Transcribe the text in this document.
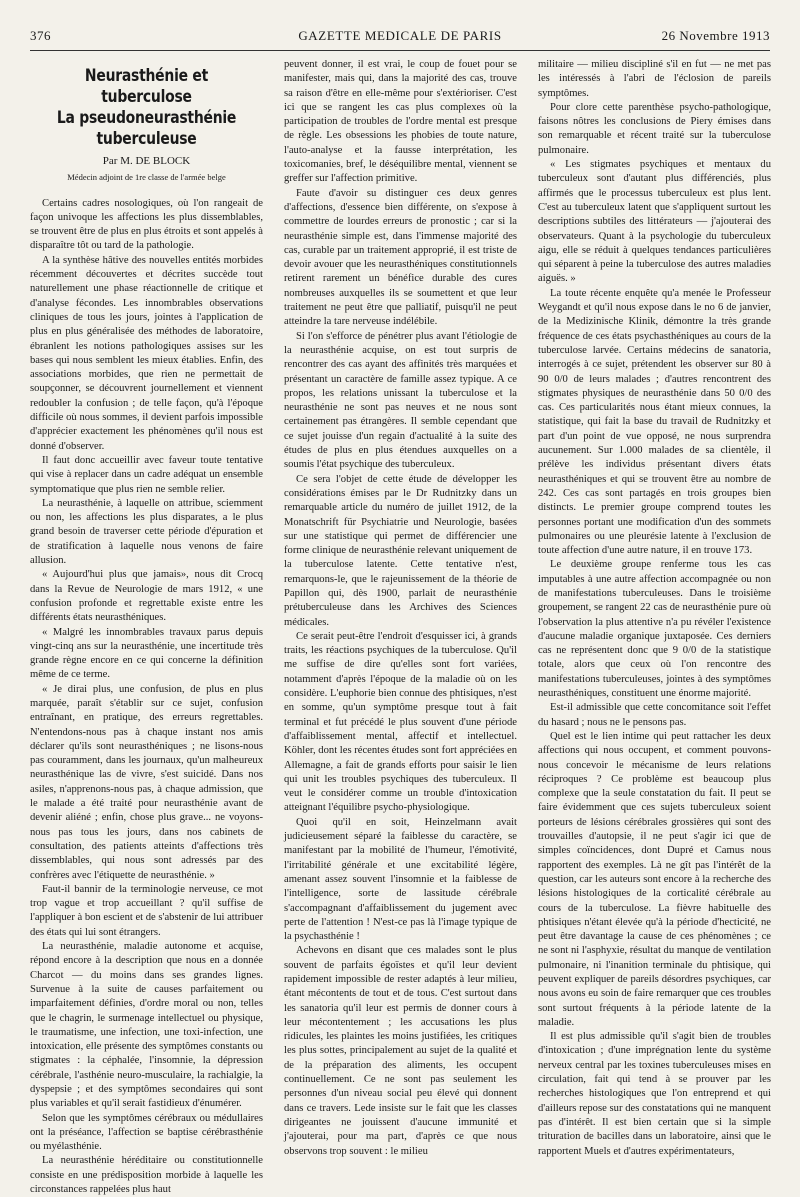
376	GAZETTE MEDICALE DE PARIS	26 Novembre 1913
Neurasthénie et tuberculose
La pseudoneurasthénie tuberculeuse
Par M. DE BLOCK
Médecin adjoint de 1re classe de l'armée belge

Certains cadres nosologiques, où l'on rangeait de façon univoque les affections les plus dissemblables, se trouvent être de plus en plus étroits et sont appelés à disparaître tôt ou tard de la pathologie.

A la synthèse hâtive des nouvelles entités morbides récemment découvertes et décrites succède tout naturellement une phase réactionnelle de critique et d'analyse fécondes. Les innombrables observations cliniques de tous les jours, jointes à l'application de plus en plus généralisée des méthodes de laboratoire, ébranlent les notions pathologiques assises sur les bases qui nous semblent les mieux établies. Enfin, des associations morbides, que rien ne permettait de soupçonner, se découvrent journellement et viennent redoubler la confusion ; de telle façon, qu'à l'époque difficile où nous sommes, il devient parfois impossible d'apprécier exactement les phénomènes qu'il nous est donné d'observer.

Il faut donc accueillir avec faveur toute tentative qui vise à replacer dans un cadre adéquat un ensemble symptomatique que plus rien ne semble relier.

La neurasthénie, à laquelle on attribue, sciemment ou non, les affections les plus disparates, a le plus grand besoin de traverser cette période d'épuration et de stratification à laquelle nous venons de faire allusion.

« Aujourd'hui plus que jamais», nous dit Crocq dans la Revue de Neurologie de mars 1912, « une confusion profonde et regrettable existe entre les différents états neurasthéniques.

« Malgré les innombrables travaux parus depuis vingt-cinq ans sur la neurasthénie, une incertitude très grande règne encore en ce qui concerne la définition même de ce terme.

« Je dirai plus, une confusion, de plus en plus marquée, paraît s'établir sur ce sujet, confusion entraînant, en pratique, des erreurs regrettables. N'entendons-nous pas à chaque instant nos amis déclarer qu'ils sont neurasthéniques ; ne lisons-nous pas couramment, dans les journaux, qu'un malheureux neurasthénique las de vivre, s'est suicidé. Dans nos asiles, n'apprenons-nous pas, à chaque admission, que le malade a été traité pour neurasthénie avant de devenir aliéné ; enfin, chose plus grave... ne voyons-nous pas tous les jours, dans nos cabinets de consultation, des patients atteints d'affections très dissemblables, qui nous sont adressés par des confrères avec l'étiquette de neurasthénie. »

Faut-il bannir de la terminologie nerveuse, ce mot trop vague et trop accueillant ? qu'il suffise de l'appliquer à bon escient et de s'abstenir de lui attribuer des états qui lui sont étrangers.

La neurasthénie, maladie autonome et acquise, répond encore à la description que nous en a donnée Charcot — du moins dans ses grandes lignes. Survenue à la suite de causes parfaitement ou imparfaitement définies, d'ordre moral ou non, telles que le chagrin, le surmenage intellectuel ou physique, le traumatisme, une infection, une toxi-infection, une intoxication, elle présente des symptômes constants ou stigmates : la céphalée, l'insomnie, la dépression cérébrale, l'asthénie neuro-musculaire, la rachialgie, la dyspepsie ; et des symptômes secondaires qui sont plus variables et qu'il serait fastidieux d'énumérer.

Selon que les symptômes cérébraux ou médullaires ont la préséance, l'affection se baptise cérébrasthénie ou myélasthénie.

La neurasthénie héréditaire ou constitutionnelle consiste en une prédisposition morbide à laquelle les circonstances rappelées plus haut

peuvent donner, il est vrai, le coup de fouet pour se manifester, mais qui, dans la majorité des cas, trouve sa raison d'être en elle-même pour s'extérioriser. C'est ici que se rangent les cas plus complexes où la participation de troubles de l'ordre mental est presque de règle. Les obsessions les phobies de toute nature, l'auto-analyse et la fausse interprétation, les toxicomanies, bref, le déséquilibre mental, viennent se greffer sur l'affection primitive.

Faute d'avoir su distinguer ces deux genres d'affections, d'essence bien différente, on s'expose à commettre de lourdes erreurs de pronostic ; car si la neurasthénie simple est, dans l'immense majorité des cas, curable par un traitement approprié, il est triste de devoir avouer que les neurasthéniques constitutionnels retirent rarement un bénéfice durable des cures nombreuses auxquelles ils se soumettent et que leur traitement ne peut être que palliatif, puisqu'il ne peut atteindre la tare nerveuse indélébile.

Si l'on s'efforce de pénétrer plus avant l'étiologie de la neurasthénie acquise, on est tout surpris de rencontrer des cas ayant des affinités très marquées et présentant un caractère de famille assez typique. A ce propos, les relations unissant la tuberculose et la neurasthénie ne sont pas neuves et ne nous sont certainement pas étrangères. Il semble cependant que ce sujet jouisse d'un regain d'actualité à la suite des études de plus en plus étendues auxquelles on a soumis l'état psychique des tuberculeux.

Ce sera l'objet de cette étude de développer les considérations émises par le Dr Rudnitzky dans un remarquable article du numéro de juillet 1912, de la Monatschrift für Psychiatrie und Neurologie, basées sur une statistique qui permet de différencier une forme clinique de neurasthénie relevant uniquement de la tuberculose latente. Cette tentative n'est, remarquons-le, que le rajeunissement de la théorie de Papillon qui, dès 1900, parlait de neurasthénie prétuberculeuse dans les Archives des Sciences médicales.

Ce serait peut-être l'endroit d'esquisser ici, à grands traits, les réactions psychiques de la tuberculose. Qu'il me suffise de dire qu'elles sont fort variées, notamment d'après l'époque de la maladie où on les considère. L'euphorie bien connue des phtisiques, n'est en somme, qu'un symptôme presque tout à fait terminal et fut précédé le plus souvent d'une période d'affaiblissement mental, affectif et intellectuel. Köhler, dont les récentes études sont fort appréciées en Allemagne, a fait de grands efforts pour saisir le lien qui unit les troubles psychiques des tuberculeux. Il veut le considérer comme un trouble d'intoxication atteignant l'équilibre psycho-physiologique.

Quoi qu'il en soit, Heinzelmann avait judicieusement séparé la faiblesse du caractère, se manifestant par la mobilité de l'humeur, l'émotivité, l'irritabilité générale et une excitabilité légère, amenant assez souvent l'insomnie et la faiblesse de l'intelligence, sorte de lassitude cérébrale s'accompagnant d'affaiblissement du jugement avec perte de l'attention ! N'est-ce pas là l'image typique de la psychasthénie !

Achevons en disant que ces malades sont le plus souvent de parfaits égoïstes et qu'il leur devient rapidement impossible de rester adaptés à leur milieu, étant mécontents de tout et de tous. C'est surtout dans les sanatoria qu'il leur est permis de donner cours à leur mécontentement ; les accusations les plus ridicules, les plaintes les moins justifiées, les critiques les plus sottes, principalement au sujet de la qualité et de la préparation des aliments, les occupent continuellement. Ce ne sont pas seulement les personnes d'un niveau social peu élevé qui donnent dans ce travers. Lede insiste sur le fait que les classes dirigeantes ne jouissent d'aucune immunité et j'ajouterai, pour ma part, d'après ce que nous observons trop souvent : le milieu

militaire — milieu discipliné s'il en fut — ne met pas les intéressés à l'abri de l'éclosion de pareils symptômes.

Pour clore cette parenthèse psycho-pathologique, faisons nôtres les conclusions de Piery émises dans son remarquable et récent traité sur la tuberculose pulmonaire.

« Les stigmates psychiques et mentaux du tuberculeux sont d'autant plus différenciés, plus affirmés que le processus tuberculeux est plus lent. C'est au tuberculeux latent que s'appliquent surtout les descriptions subtiles des littérateurs — j'ajouterai des observateurs. Quant à la psychologie du tuberculeux aigu, elle se réduit à quelques tendances particulières qui séparent à peine la tuberculose des autres maladies aiguës. »

La toute récente enquête qu'a menée le Professeur Weygandt et qu'il nous expose dans le no 6 de janvier, de la Medizinische Klinik, démontre la très grande fréquence de ces états psychasthéniques au cours de la tuberculose larvée. Certains médecins de sanatoria, interrogés à ce sujet, prétendent les observer sur 80 à 90 0/0 de leurs malades ; d'autres rencontrent des stigmates physiques de neurasthénie dans 50 0/0 des cas. Ces particularités nous étant mieux connues, la statistique, qui fait la base du travail de Rudnitzky et part d'un point de vue opposé, ne nous surprendra aucunement. Sur 1.000 malades de sa clientèle, il prélève les individus présentant divers états neurasthéniques et qui se trouvent être au nombre de 242. Ces cas sont partagés en trois groupes bien distincts. Le premier groupe comprend toutes les personnes portant une modification d'un des sommets pulmonaires ou une pleurésie latente à l'exclusion de toute affection d'une autre nature, il en trouve 173.

Le deuxième groupe renferme tous les cas imputables à une autre affection accompagnée ou non de manifestations tuberculeuses. Dans le troisième groupement, se rangent 22 cas de neurasthénie pure où l'observation la plus attentive n'a pu révéler l'existence d'aucune maladie organique juxtaposée. Ces derniers cas ne représentent donc que 9 0/0 de la statistique totale, alors que ceux où l'on rencontre des manifestations tuberculeuses, jointes à des symptômes neurasthéniques, constituent une énorme majorité.

Est-il admissible que cette concomitance soit l'effet du hasard ; nous ne le pensons pas.

Quel est le lien intime qui peut rattacher les deux affections qui nous occupent, et comment pouvons-nous concevoir le mécanisme de leurs relations réciproques ? Ce problème est beaucoup plus complexe que la seule constatation du fait. Il peut se faire évidemment que ces sujets tuberculeux soient porteurs de lésions cérébrales grossières qui sont des trouvailles d'autopsie, il ne peut s'agir ici que de simples coïncidences, dont Dupré et Camus nous rapportent des exemples. Là ne gît pas l'intérêt de la question, car les auteurs sont encore à la recherche des lésions histologiques de la corticalité cérébrale au cours de la tuberculose. La fièvre habituelle des phtisiques n'étant élevée qu'à la période d'hecticité, ne peut être davantage la cause de ces phénomènes ; ce ne sont ni l'asphyxie, résultat du manque de ventilation pulmonaire, ni l'inanition terminale du phtisique, qui peuvent expliquer de pareils désordres psychiques, car nous avons eu soin de faire remarquer que ces troubles sont surtout fréquents à la période latente de la maladie.

Il est plus admissible qu'il s'agit bien de troubles d'intoxication ; d'une imprégnation lente du système nerveux central par les toxines tuberculeuses mises en circulation, fait qui tend à se prouver par les recherches histologiques que l'on entreprend et qui d'ailleurs repose sur des constatations qui ne manquent pas d'intérêt. Il est bien certain que si la simple trituration de bacilles dans un laboratoire, ainsi que le rapportent Muels et d'autres expérimentateurs,
